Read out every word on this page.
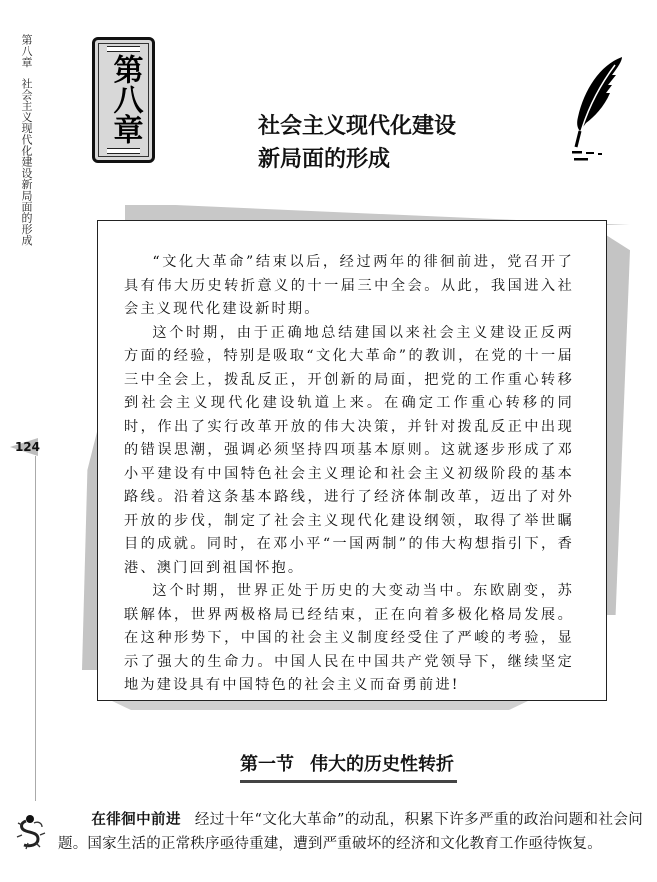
第八章社会主义现代化建设新局面的形成
124
第八章	社会主义现代化建设
新局面的形成

“文化大革命”结束以后，经过两年的徘徊前进，党召开了具有伟大历史转折意义的十一届三中全会。从此，我国进入社会主义现代化建设新时期。

这个时期，由于正确地总结建国以来社会主义建设正反两方面的经验，特别是吸取“文化大革命”的教训，在党的十一届三中全会上，拨乱反正，开创新的局面，把党的工作重心转移到社会主义现代化建设轨道上来。在确定工作重心转移的同时，作出了实行改革开放的伟大决策，并针对拨乱反正中出现的错误思潮，强调必须坚持四项基本原则。这就逐步形成了邓小平建设有中国特色社会主义理论和社会主义初级阶段的基本路线。沿着这条基本路线，进行了经济体制改革，迈出了对外开放的步伐，制定了社会主义现代化建设纲领，取得了举世瞩目的成就。同时，在邓小平“一国两制”的伟大构想指引下，香港、澳门回到祖国怀抱。

这个时期，世界正处于历史的大变动当中。东欧剧变，苏联解体，世界两极格局已经结束，正在向着多极化格局发展。在这种形势下，中国的社会主义制度经受住了严峻的考验，显示了强大的生命力。中国人民在中国共产党领导下，继续坚定地为建设具有中国特色的社会主义而奋勇前进!

第一节 伟大的历史性转折

在徘徊中前进 经过十年“文化大革命”的动乱，积累下许多严重的政治问题和社会问题。国家生活的正常秩序亟待重建，遭到严重破坏的经济和文化教育工作亟待恢复。
